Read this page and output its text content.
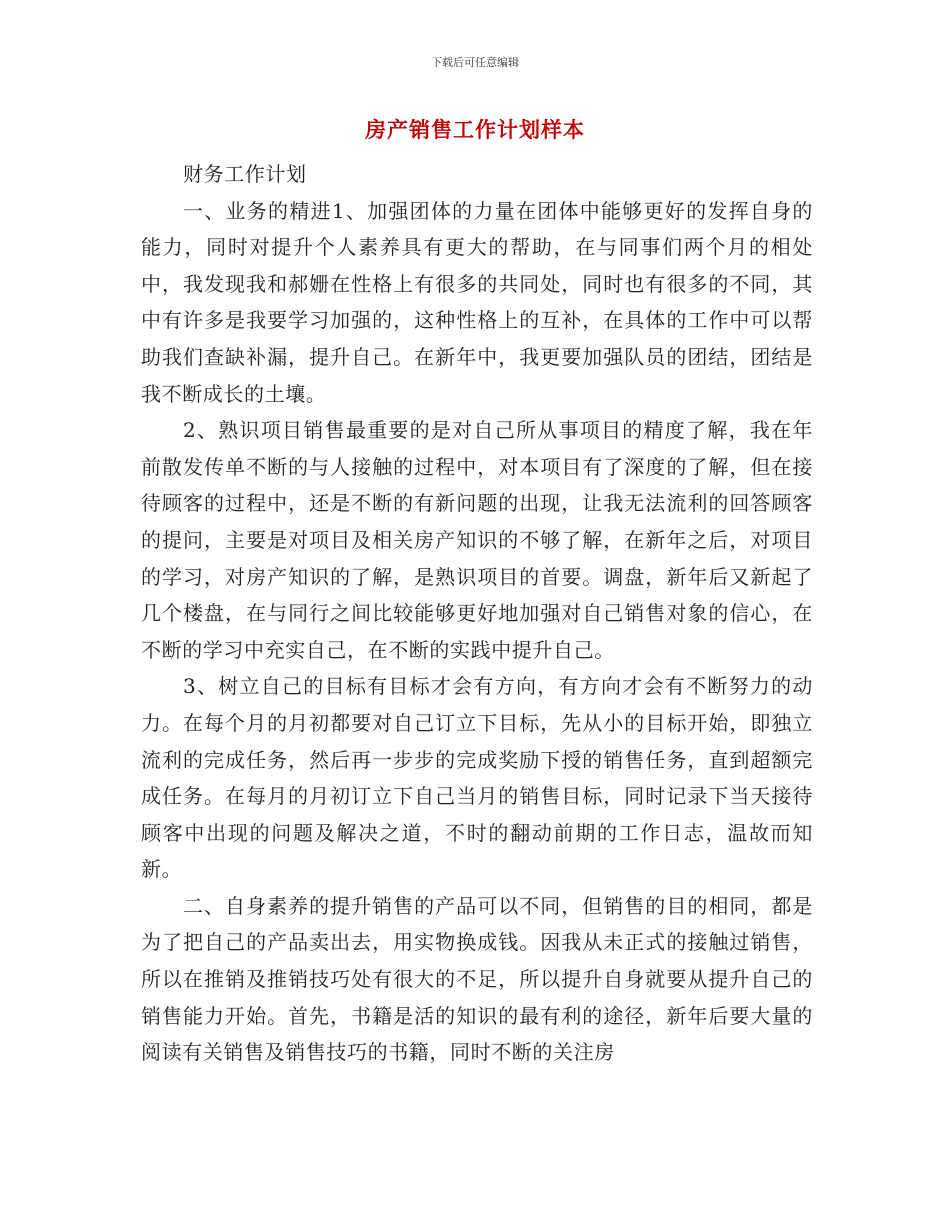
下载后可任意编辑
房产销售工作计划样本

财务工作计划

一、业务的精进1、加强团体的力量在团体中能够更好的发挥自身的能力，同时对提升个人素养具有更大的帮助，在与同事们两个月的相处中，我发现我和郝姗在性格上有很多的共同处，同时也有很多的不同，其中有许多是我要学习加强的，这种性格上的互补，在具体的工作中可以帮助我们查缺补漏，提升自己。在新年中，我更要加强队员的团结，团结是我不断成长的土壤。

2、熟识项目销售最重要的是对自己所从事项目的精度了解，我在年前散发传单不断的与人接触的过程中，对本项目有了深度的了解，但在接待顾客的过程中，还是不断的有新问题的出现，让我无法流利的回答顾客的提问，主要是对项目及相关房产知识的不够了解，在新年之后，对项目的学习，对房产知识的了解，是熟识项目的首要。调盘，新年后又新起了几个楼盘，在与同行之间比较能够更好地加强对自己销售对象的信心，在不断的学习中充实自己，在不断的实践中提升自己。

3、树立自己的目标有目标才会有方向，有方向才会有不断努力的动力。在每个月的月初都要对自己订立下目标，先从小的目标开始，即独立流利的完成任务，然后再一步步的完成奖励下授的销售任务，直到超额完成任务。在每月的月初订立下自己当月的销售目标，同时记录下当天接待顾客中出现的问题及解决之道，不时的翻动前期的工作日志，温故而知新。

二、自身素养的提升销售的产品可以不同，但销售的目的相同，都是为了把自己的产品卖出去，用实物换成钱。因我从未正式的接触过销售，所以在推销及推销技巧处有很大的不足，所以提升自身就要从提升自己的销售能力开始。首先，书籍是活的知识的最有利的途径，新年后要大量的阅读有关销售及销售技巧的书籍，同时不断的关注房
